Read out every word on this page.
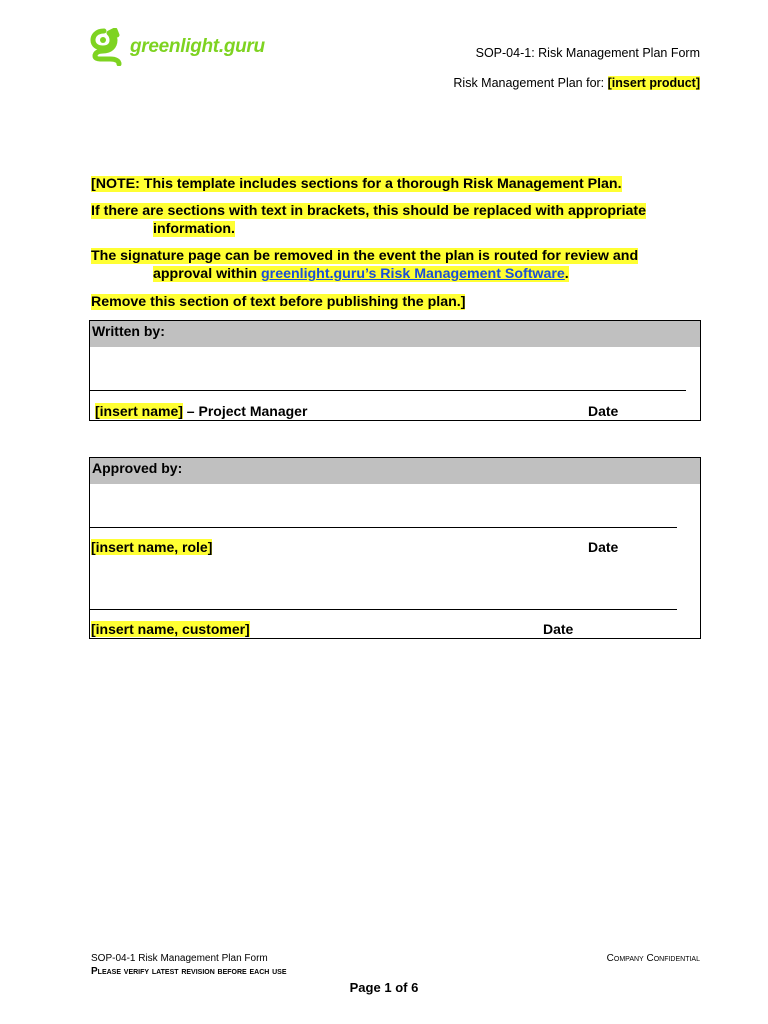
greenlight.guru	SOP-04-1: Risk Management Plan Form
Risk Management Plan for: [insert product]
[NOTE: This template includes sections for a thorough Risk Management Plan.
If there are sections with text in brackets, this should be replaced with appropriate
information.
The signature page can be removed in the event the plan is routed for review and
approval within greenlight.guru’s Risk Management Software.
Remove this section of text before publishing the plan.]
Written by:
[insert name] – Project Manager	Date
Approved by:
[insert name, role]	Date
[insert name, customer]	Date
SOP-04-1 Risk Management Plan Form
Please verify latest revision before each use
Company Confidential
Page 1 of 6
